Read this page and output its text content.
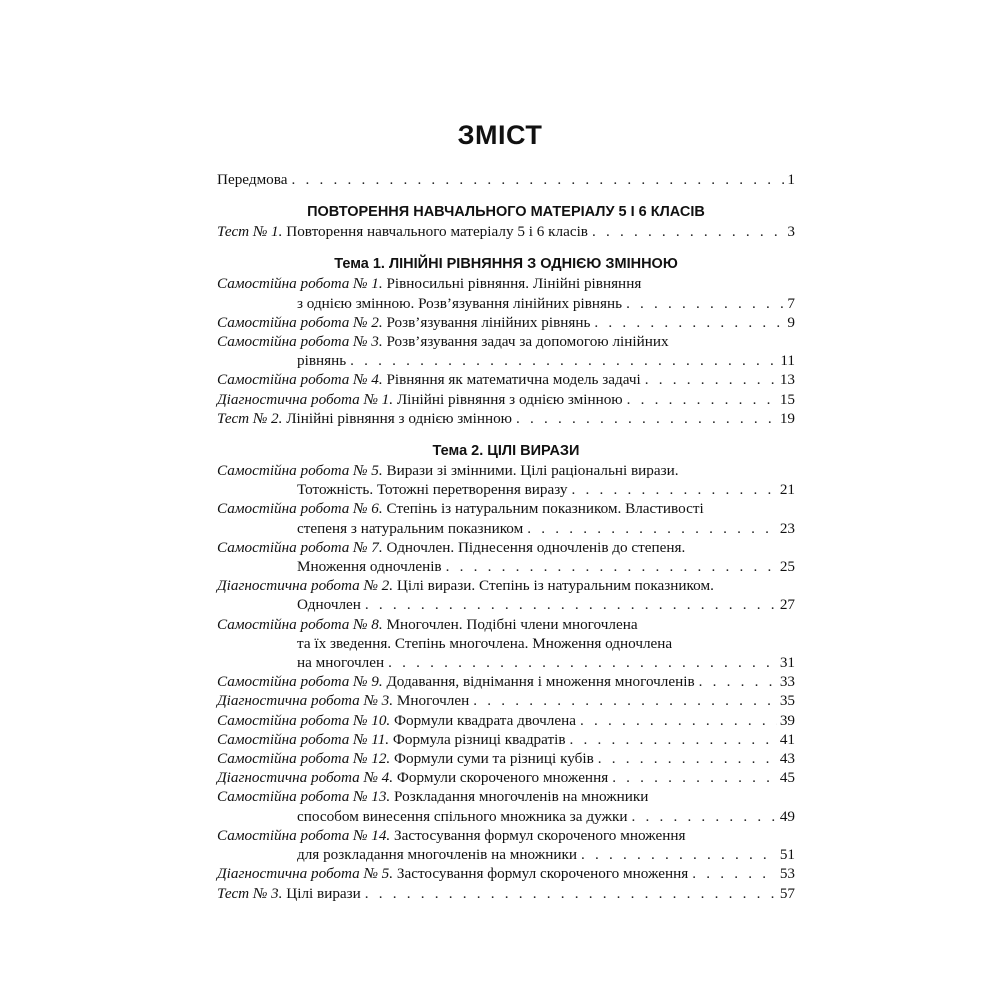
ЗМІСТ
Передмова . . .	1
ПОВТОРЕННЯ НАВЧАЛЬНОГО МАТЕРІАЛУ 5 І 6 КЛАСІВ
Тест № 1. Повторення навчального матеріалу 5 і 6 класів . . .	3
Тема 1. ЛІНІЙНІ РІВНЯННЯ З ОДНІЄЮ ЗМІННОЮ
Самостійна робота № 1. Рівносильні рівняння. Лінійні рівняння
з однією змінною. Розв’язування лінійних рівнянь . . .	7
Самостійна робота № 2. Розв’язування лінійних рівнянь . . .	9
Самостійна робота № 3. Розв’язування задач за допомогою лінійних
рівнянь . . .	11
Самостійна робота № 4. Рівняння як математична модель задачі . . .	13
Діагностична робота № 1. Лінійні рівняння з однією змінною . . .	15
Тест № 2. Лінійні рівняння з однією змінною . . .	19
Тема 2. ЦІЛІ ВИРАЗИ
Самостійна робота № 5. Вирази зі змінними. Цілі раціональні вирази.
Тотожність. Тотожні перетворення виразу . . .	21
Самостійна робота № 6. Степінь із натуральним показником. Властивості
степеня з натуральним показником . . .	23
Самостійна робота № 7. Одночлен. Піднесення одночленів до степеня.
Множення одночленів . . .	25
Діагностична робота № 2. Цілі вирази. Степінь із натуральним показником.
Одночлен . . .	27
Самостійна робота № 8. Многочлен. Подібні члени многочлена
та їх зведення. Степінь многочлена. Множення одночлена
на многочлен . . .	31
Самостійна робота № 9. Додавання, віднімання і множення многочленів . . .	33
Діагностична робота № 3. Многочлен . . .	35
Самостійна робота № 10. Формули квадрата двочлена . . .	39
Самостійна робота № 11. Формула різниці квадратів . . .	41
Самостійна робота № 12. Формули суми та різниці кубів . . .	43
Діагностична робота № 4. Формули скороченого множення . . .	45
Самостійна робота № 13. Розкладання многочленів на множники
способом винесення спільного множника за дужки . . .	49
Самостійна робота № 14. Застосування формул скороченого множення
для розкладання многочленів на множники . . .	51
Діагностична робота № 5. Застосування формул скороченого множення . . .	53
Тест № 3. Цілі вирази . . .	57
